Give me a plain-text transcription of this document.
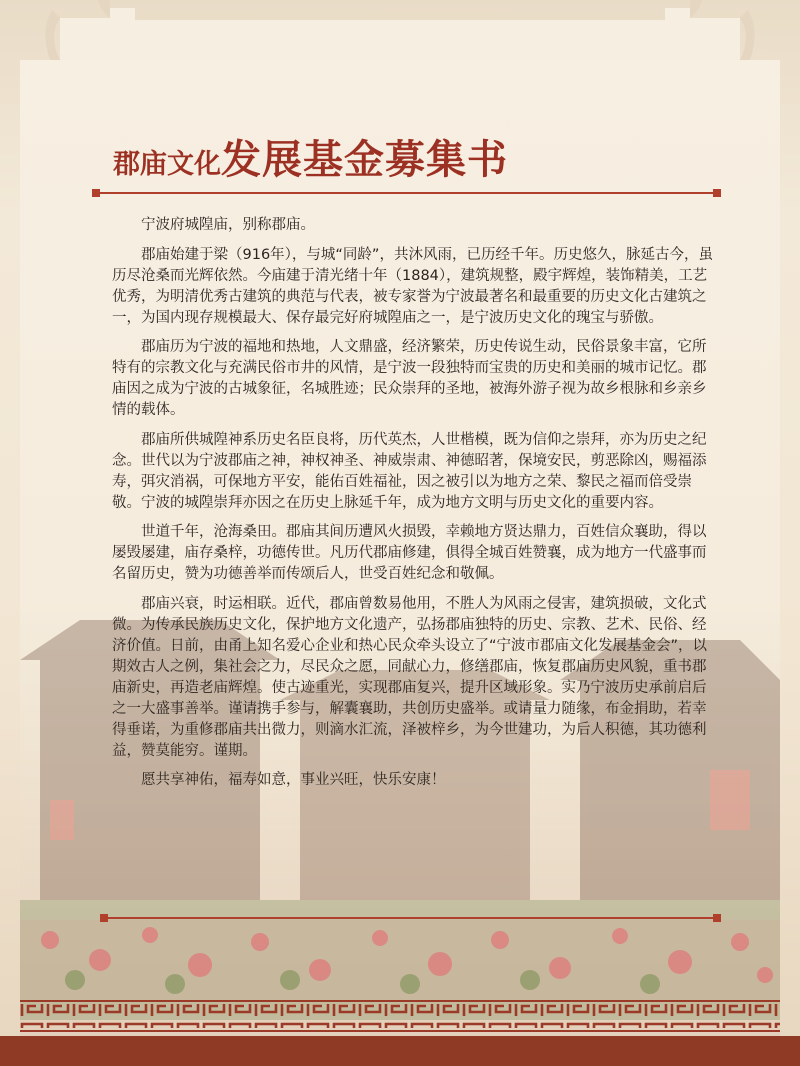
郡庙文化发展基金募集书

宁波府城隍庙，别称郡庙。

郡庙始建于梁（916年），与城“同龄”，共沐风雨，已历经千年。历史悠久，脉延古今，虽历尽沧桑而光辉依然。今庙建于清光绪十年（1884），建筑规整，殿宇辉煌，装饰精美，工艺优秀，为明清优秀古建筑的典范与代表，被专家誉为宁波最著名和最重要的历史文化古建筑之一，为国内现存规模最大、保存最完好府城隍庙之一，是宁波历史文化的瑰宝与骄傲。

郡庙历为宁波的福地和热地，人文鼎盛，经济繁荣，历史传说生动，民俗景象丰富，它所特有的宗教文化与充满民俗市井的风情，是宁波一段独特而宝贵的历史和美丽的城市记忆。郡庙因之成为宁波的古城象征，名城胜迹；民众崇拜的圣地，被海外游子视为故乡根脉和乡亲乡情的载体。

郡庙所供城隍神系历史名臣良将，历代英杰，人世楷模，既为信仰之崇拜，亦为历史之纪念。世代以为宁波郡庙之神，神权神圣、神威崇肃、神德昭著，保境安民，剪恶除凶，赐福添寿，弭灾消祸，可保地方平安，能佑百姓福祉，因之被引以为地方之荣、黎民之福而倍受崇敬。宁波的城隍崇拜亦因之在历史上脉延千年，成为地方文明与历史文化的重要内容。

世道千年，沧海桑田。郡庙其间历遭风火损毁，幸赖地方贤达鼎力，百姓信众襄助，得以屡毁屡建，庙存桑梓，功德传世。凡历代郡庙修建，俱得全城百姓赞襄，成为地方一代盛事而名留历史，赞为功德善举而传颂后人，世受百姓纪念和敬佩。

郡庙兴衰，时运相联。近代，郡庙曾数易他用，不胜人为风雨之侵害，建筑损破，文化式微。为传承民族历史文化，保护地方文化遗产，弘扬郡庙独特的历史、宗教、艺术、民俗、经济价值。日前，由甬上知名爱心企业和热心民众牵头设立了“宁波市郡庙文化发展基金会”，以期效古人之例，集社会之力，尽民众之愿，同献心力，修缮郡庙，恢复郡庙历史风貌，重书郡庙新史，再造老庙辉煌。使古迹重光，实现郡庙复兴，提升区域形象。实乃宁波历史承前启后之一大盛事善举。谨请携手参与，解囊襄助，共创历史盛举。或请量力随缘，布金捐助，若幸得垂诺，为重修郡庙共出微力，则滴水汇流，泽被梓乡，为今世建功，为后人积德，其功德利益，赞莫能穷。谨期。

愿共享神佑，福寿如意，事业兴旺，快乐安康！
